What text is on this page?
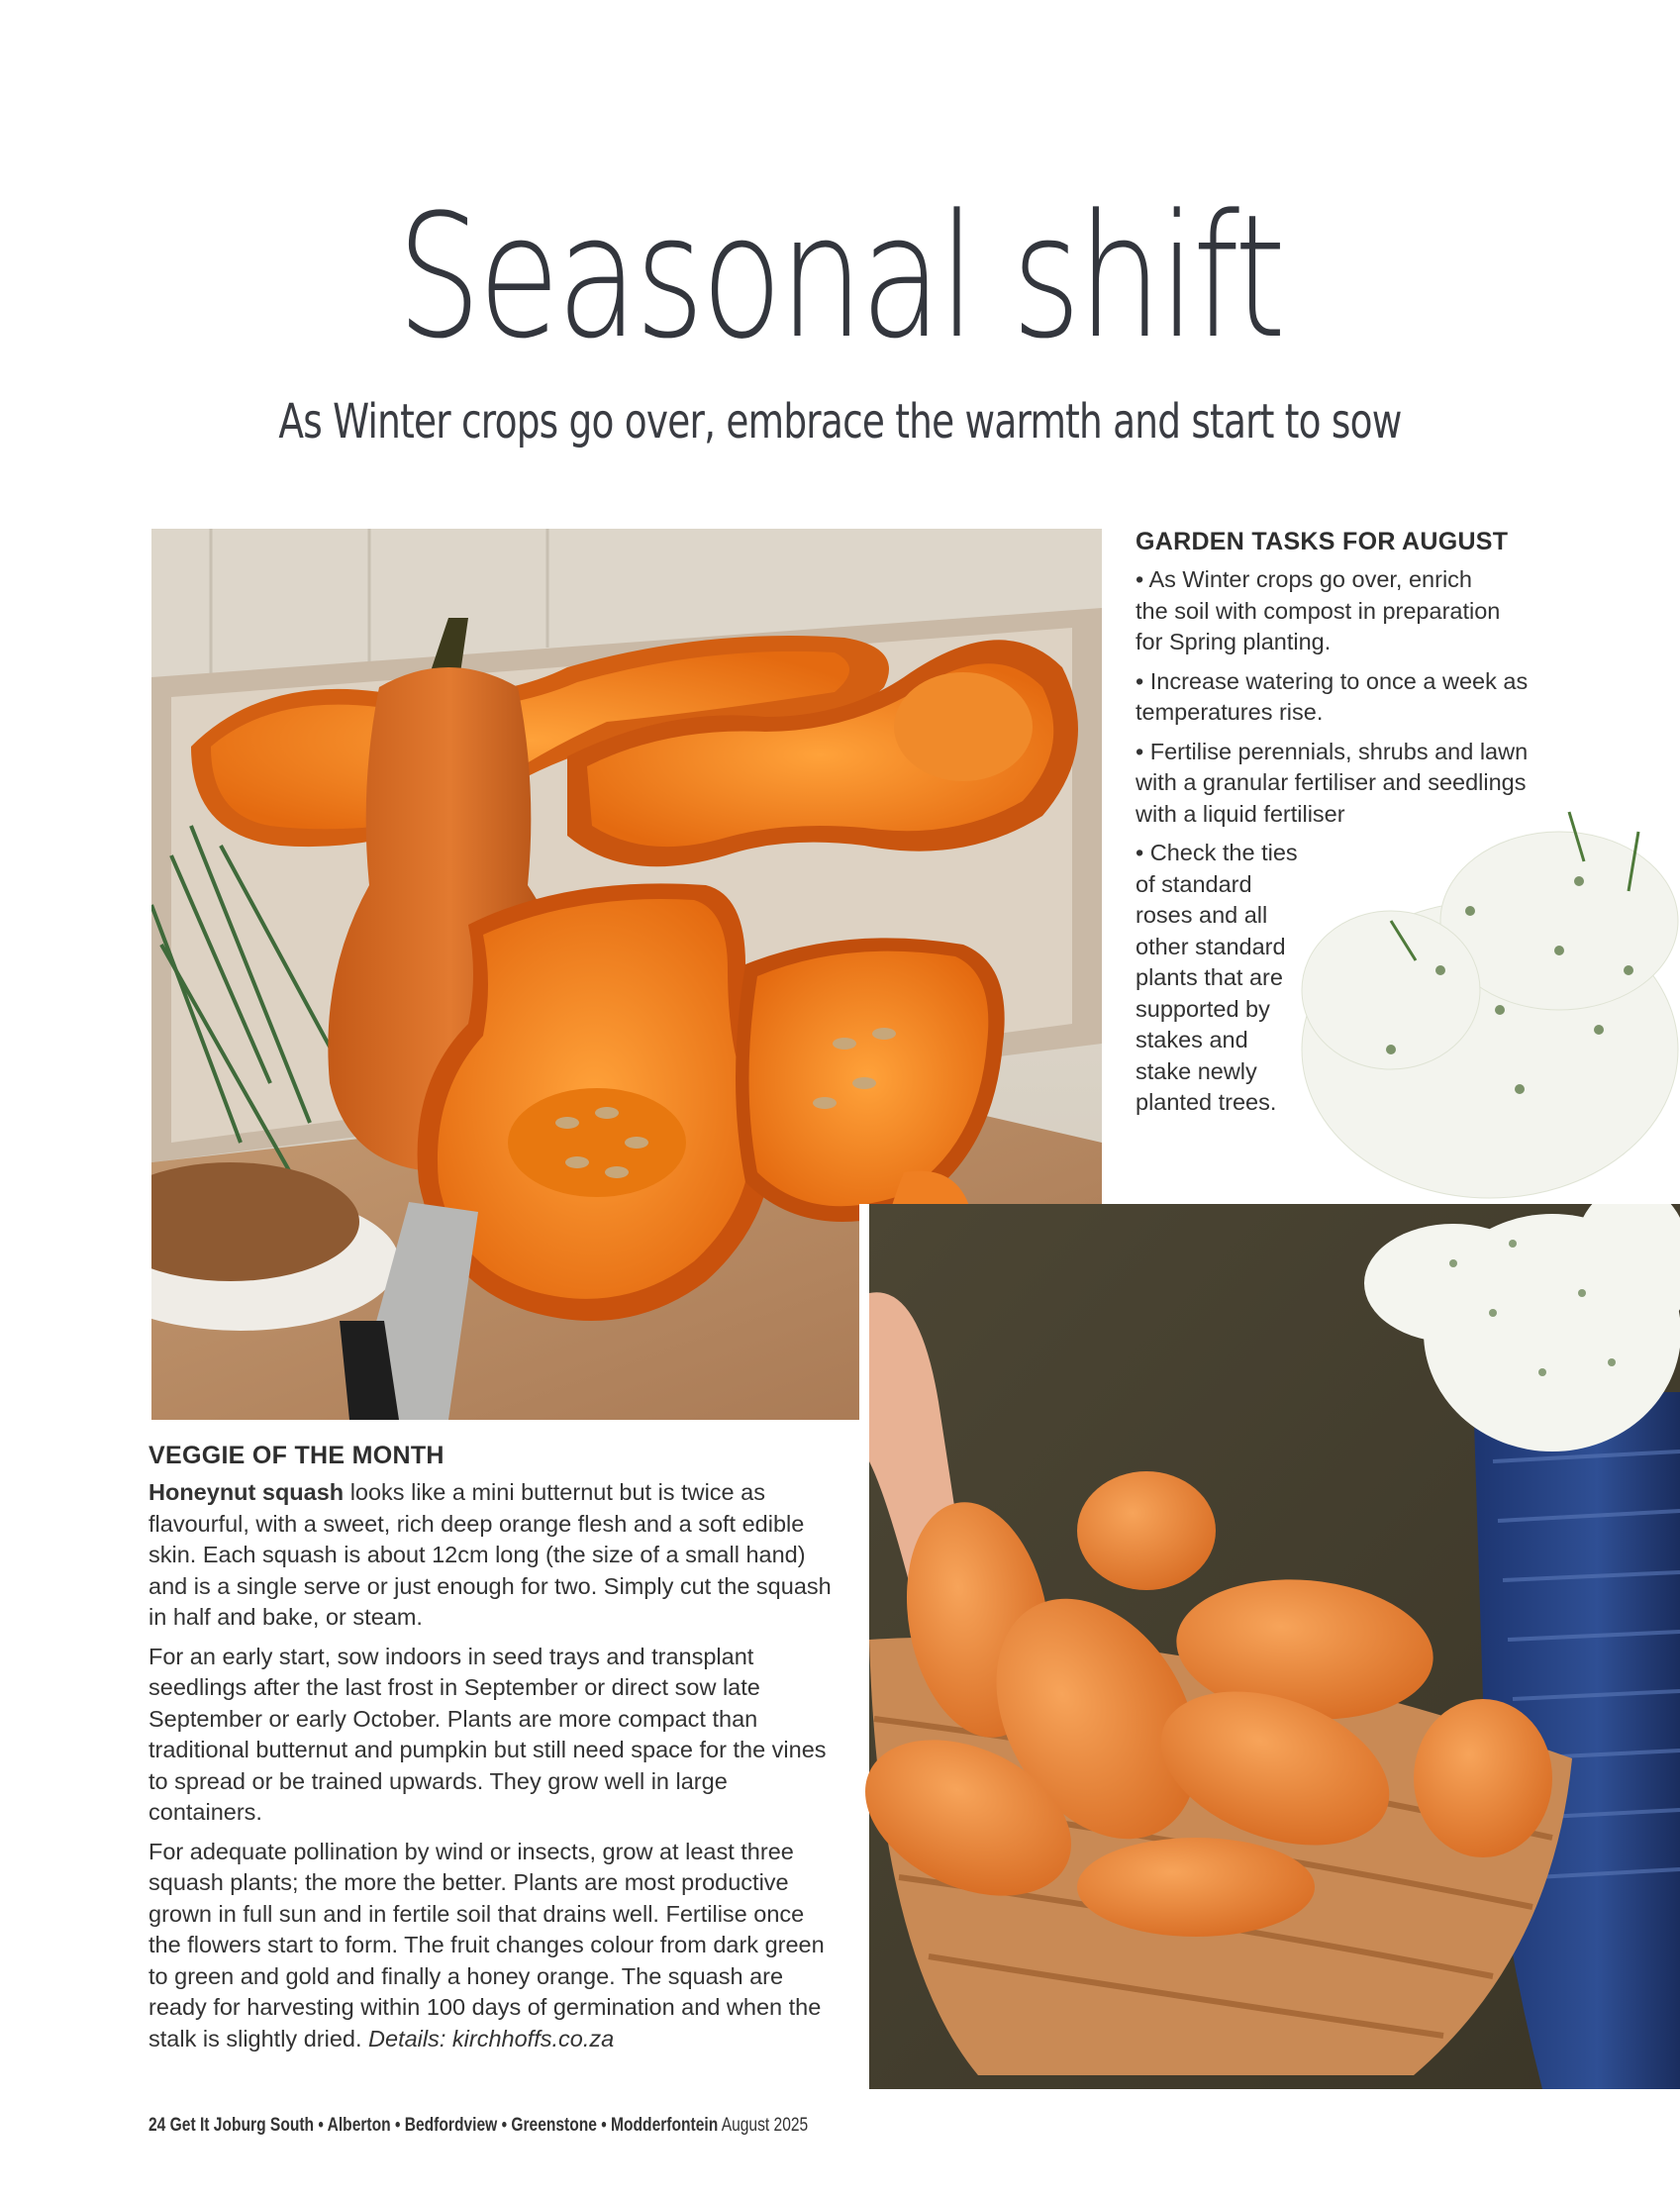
Seasonal shift
As Winter crops go over, embrace the warmth and start to sow
GARDEN TASKS FOR AUGUST

• As Winter crops go over, enrich the soil with compost in preparation for Spring planting.

• Increase watering to once a week as temperatures rise.

• Fertilise perennials, shrubs and lawn with a granular fertiliser and seedlings with a liquid fertiliser

• Check the ties of standard roses and all other standard plants that are supported by stakes and stake newly planted trees.

VEGGIE OF THE MONTH

Honeynut squash looks like a mini butternut but is twice as flavourful, with a sweet, rich deep orange flesh and a soft edible skin. Each squash is about 12cm long (the size of a small hand) and is a single serve or just enough for two. Simply cut the squash in half and bake, or steam.

For an early start, sow indoors in seed trays and transplant seedlings after the last frost in September or direct sow late September or early October. Plants are more compact than traditional butternut and pumpkin but still need space for the vines to spread or be trained upwards. They grow well in large containers.

For adequate pollination by wind or insects, grow at least three squash plants; the more the better. Plants are most productive grown in full sun and in fertile soil that drains well. Fertilise once the flowers start to form. The fruit changes colour from dark green to green and gold and finally a honey orange. The squash are ready for harvesting within 100 days of germination and when the stalk is slightly dried. Details: kirchhoffs.co.za

24 Get It Joburg South • Alberton • Bedfordview • Greenstone • Modderfontein August 2025
